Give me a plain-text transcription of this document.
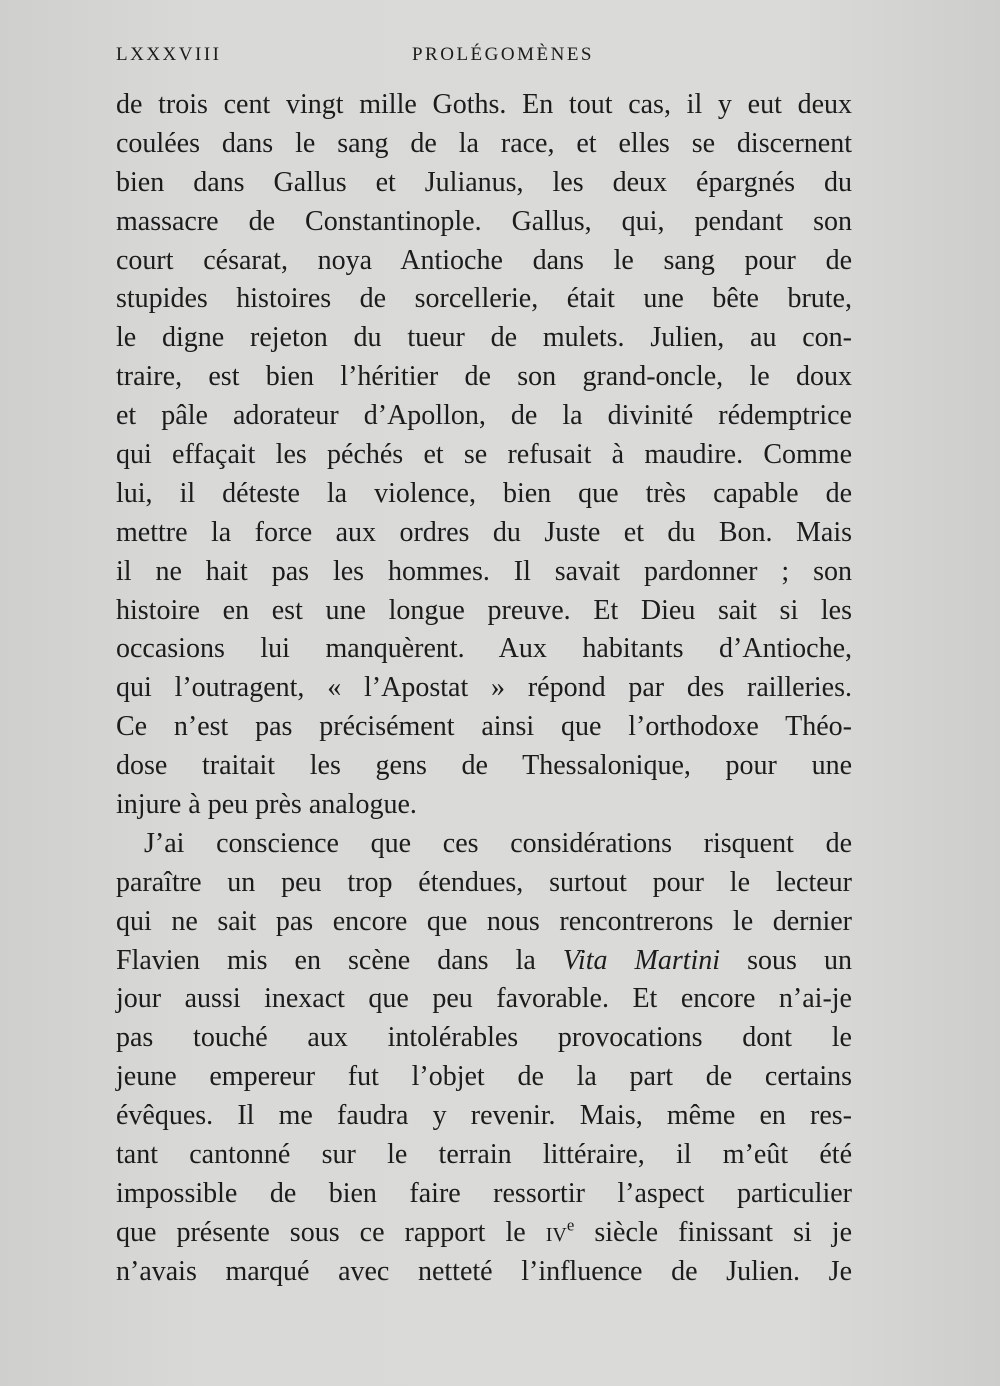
LXXXVIII	PROLÉGOMÈNES
de trois cent vingt mille Goths. En tout cas, il y eut deux
coulées dans le sang de la race, et elles se discernent
bien dans Gallus et Julianus, les deux épargnés du
massacre de Constantinople. Gallus, qui, pendant son
court césarat, noya Antioche dans le sang pour de
stupides histoires de sorcellerie, était une bête brute,
le digne rejeton du tueur de mulets. Julien, au con-
traire, est bien l’héritier de son grand-oncle, le doux
et pâle adorateur d’Apollon, de la divinité rédemptrice
qui effaçait les péchés et se refusait à maudire. Comme
lui, il déteste la violence, bien que très capable de
mettre la force aux ordres du Juste et du Bon. Mais
il ne hait pas les hommes. Il savait pardonner ; son
histoire en est une longue preuve. Et Dieu sait si les
occasions lui manquèrent. Aux habitants d’Antioche,
qui l’outragent, « l’Apostat » répond par des railleries.
Ce n’est pas précisément ainsi que l’orthodoxe Théo-
dose traitait les gens de Thessalonique, pour une
injure à peu près analogue.
J’ai conscience que ces considérations risquent de
paraître un peu trop étendues, surtout pour le lecteur
qui ne sait pas encore que nous rencontrerons le dernier
Flavien mis en scène dans la Vita Martini sous un
jour aussi inexact que peu favorable. Et encore n’ai-je
pas touché aux intolérables provocations dont le
jeune empereur fut l’objet de la part de certains
évêques. Il me faudra y revenir. Mais, même en res-
tant cantonné sur le terrain littéraire, il m’eût été
impossible de bien faire ressortir l’aspect particulier
que présente sous ce rapport le $iv^e$ siècle finissant si je
n’avais marqué avec netteté l’influence de Julien. Je
